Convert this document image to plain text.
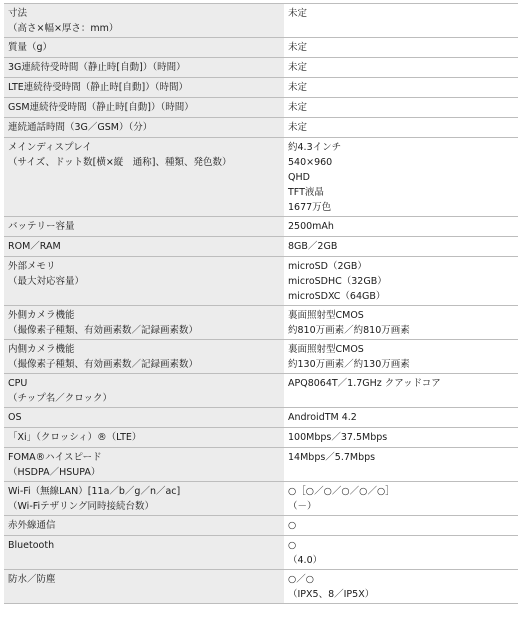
寸法
（高さ×幅×厚さ：mm）	未定

質量（g）	未定

3G連続待受時間（静止時[自動]）（時間）	未定

LTE連続待受時間（静止時[自動]）（時間）	未定

GSM連続待受時間（静止時[自動]）（時間）	未定

連続通話時間（3G／GSM）（分）	未定

メインディスプレイ
（サイズ、ドット数[横×縦　通称]、種類、発色数）	約4.3インチ
540×960
QHD
TFT液晶
1677万色

バッテリー容量	2500mAh

ROM／RAM	8GB／2GB

外部メモリ
（最大対応容量）	microSD（2GB）
microSDHC（32GB）
microSDXC（64GB）

外側カメラ機能
（撮像素子種類、有効画素数／記録画素数）	裏面照射型CMOS
約810万画素／約810万画素

内側カメラ機能
（撮像素子種類、有効画素数／記録画素数）	裏面照射型CMOS
約130万画素／約130万画素

CPU
（チップ名／クロック）	APQ8064T／1.7GHz クアッドコア

OS	AndroidTM 4.2

「Xi」（クロッシィ）®（LTE）	100Mbps／37.5Mbps

FOMA®ハイスピード
（HSDPA／HSUPA）	14Mbps／5.7Mbps

Wi-Fi（無線LAN）[11a／b／g／n／ac]
（Wi-Fiテザリング同時接続台数）	○［○／○／○／○／○］
（－）

赤外線通信	○

Bluetooth	○
（4.0）

防水／防塵	○／○
（IPX5、8／IP5X）
